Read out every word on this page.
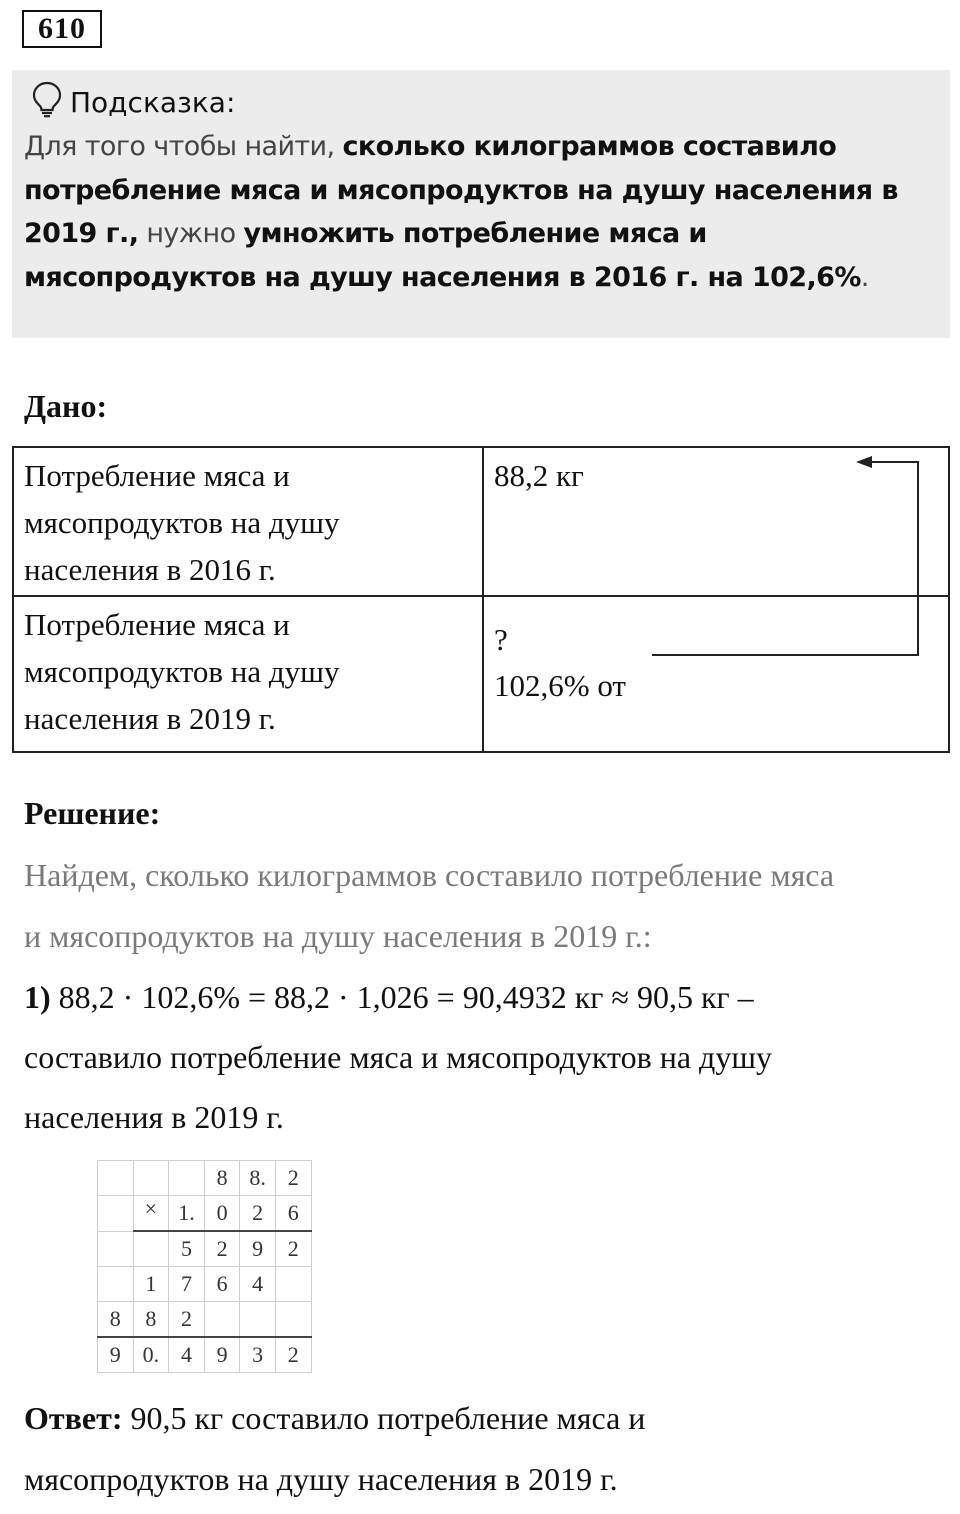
610
Подсказка:
Для того чтобы найти, сколько килограммов составило потребление мяса и мясопродуктов на душу населения в 2019 г., нужно умножить потребление мяса и мясопродуктов на душу населения в 2016 г. на 102,6%.
Дано:
Потребление мяса и мясопродуктов на душу населения в 2016 г.	88,2 кг

Потребление мяса и мясопродуктов на душу населения в 2019 г.	?
102,6% от
Решение:
Найдем, сколько килограммов составило потребление мяса
и мясопродуктов на душу населения в 2019 г.:
1) 88,2 · 102,6% = 88,2 · 1,026 = 90,4932 кг ≈ 90,5 кг –
составило потребление мяса и мясопродуктов на душу
населения в 2019 г.
			8	8.	2
	×	1.	0	2	6
		5	2	9	2
	1	7	6	4	
8	8	2			
9	0.	4	9	3	2
Ответ: 90,5 кг составило потребление мяса и
мясопродуктов на душу населения в 2019 г.
